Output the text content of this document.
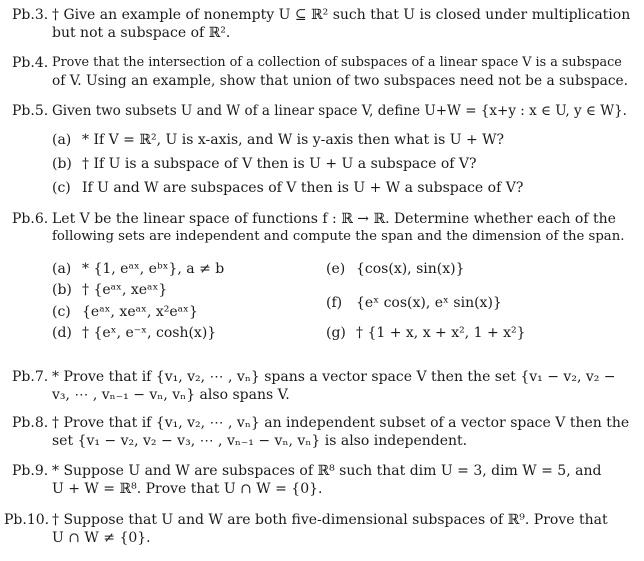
Pb.3. † Give an example of nonempty U ⊆ ℝ² such that U is closed under multiplication
but not a subspace of ℝ².
Pb.4. Prove that the intersection of a collection of subspaces of a linear space V is a subspace
of V. Using an example, show that union of two subspaces need not be a subspace.
Pb.5. Given two subsets U and W of a linear space V, define U+W = {x+y : x ∈ U, y ∈ W}.
(a) * If V = ℝ², U is x-axis, and W is y-axis then what is U + W?
(b) † If U is a subspace of V then is U + U a subspace of V?
(c) If U and W are subspaces of V then is U + W a subspace of V?
Pb.6. Let V be the linear space of functions f : ℝ → ℝ. Determine whether each of the
following sets are independent and compute the span and the dimension of the span.
(a) * {1, eᵃˣ, eᵇˣ}, a ≠ b
(b) † {eᵃˣ, xeᵃˣ}
(c) {eᵃˣ, xeᵃˣ, x²eᵃˣ}
(d) † {eˣ, e⁻ˣ, cosh(x)}
(e) {cos(x), sin(x)}
(f) {eˣ cos(x), eˣ sin(x)}
(g) † {1 + x, x + x², 1 + x²}
Pb.7. * Prove that if {v₁, v₂, ⋯ , vₙ} spans a vector space V then the set {v₁ − v₂, v₂ −
v₃, ⋯ , vₙ₋₁ − vₙ, vₙ} also spans V.
Pb.8. † Prove that if {v₁, v₂, ⋯ , vₙ} an independent subset of a vector space V then the
set {v₁ − v₂, v₂ − v₃, ⋯ , vₙ₋₁ − vₙ, vₙ} is also independent.
Pb.9. * Suppose U and W are subspaces of ℝ⁸ such that dim U = 3, dim W = 5, and
U + W = ℝ⁸. Prove that U ∩ W = {0}.
Pb.10. † Suppose that U and W are both five-dimensional subspaces of ℝ⁹. Prove that
U ∩ W ≠ {0}.
